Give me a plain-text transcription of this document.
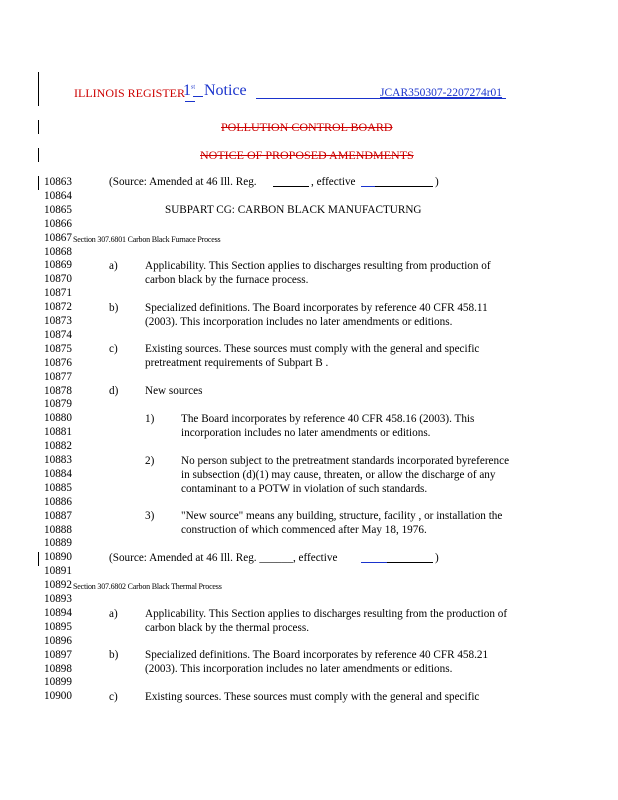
ILLINOIS REGISTER
1st Notice	JCAR350307-2207274r01
POLLUTION CONTROL BOARD
NOTICE OF PROPOSED AMENDMENTS
10863
10864
10865
10866
10867
10868
10869
10870
10871
10872
10873
10874
10875
10876
10877
10878
10879
10880
10881
10882
10883
10884
10885
10886
10887
10888
10889
10890
10891
10892
10893
10894
10895
10896
10897
10898
10899
10900
(Source: Amended at 46 Ill. Reg.	, effective	)
SUBPART CG: CARBON BLACK MANUFACTURNG
Section 307.6801 Carbon Black Furnace Process
a) Applicability. This Section applies to discharges resulting from production of
carbon black by the furnace process.
b) Specialized definitions. The Board incorporates by reference 40 CFR 458.11
(2003). This incorporation includes no later amendments or editions.
c) Existing sources. These sources must comply with the general and specific
pretreatment requirements of Subpart B .
d) New sources
1) The Board incorporates by reference 40 CFR 458.16 (2003). This
incorporation includes no later amendments or editions.
2) No person subject to the pretreatment standards incorporated byreference
in subsection (d)(1) may cause, threaten, or allow the discharge of any
contaminant to a POTW in violation of such standards.
3) "New source" means any building, structure, facility , or installation the
construction of which commenced after May 18, 1976.
(Source: Amended at 46 Ill. Reg. ______, effective	)
Section 307.6802 Carbon Black Thermal Process
a) Applicability. This Section applies to discharges resulting from the production of
carbon black by the thermal process.
b) Specialized definitions. The Board incorporates by reference 40 CFR 458.21
(2003). This incorporation includes no later amendments or editions.
c) Existing sources. These sources must comply with the general and specific
